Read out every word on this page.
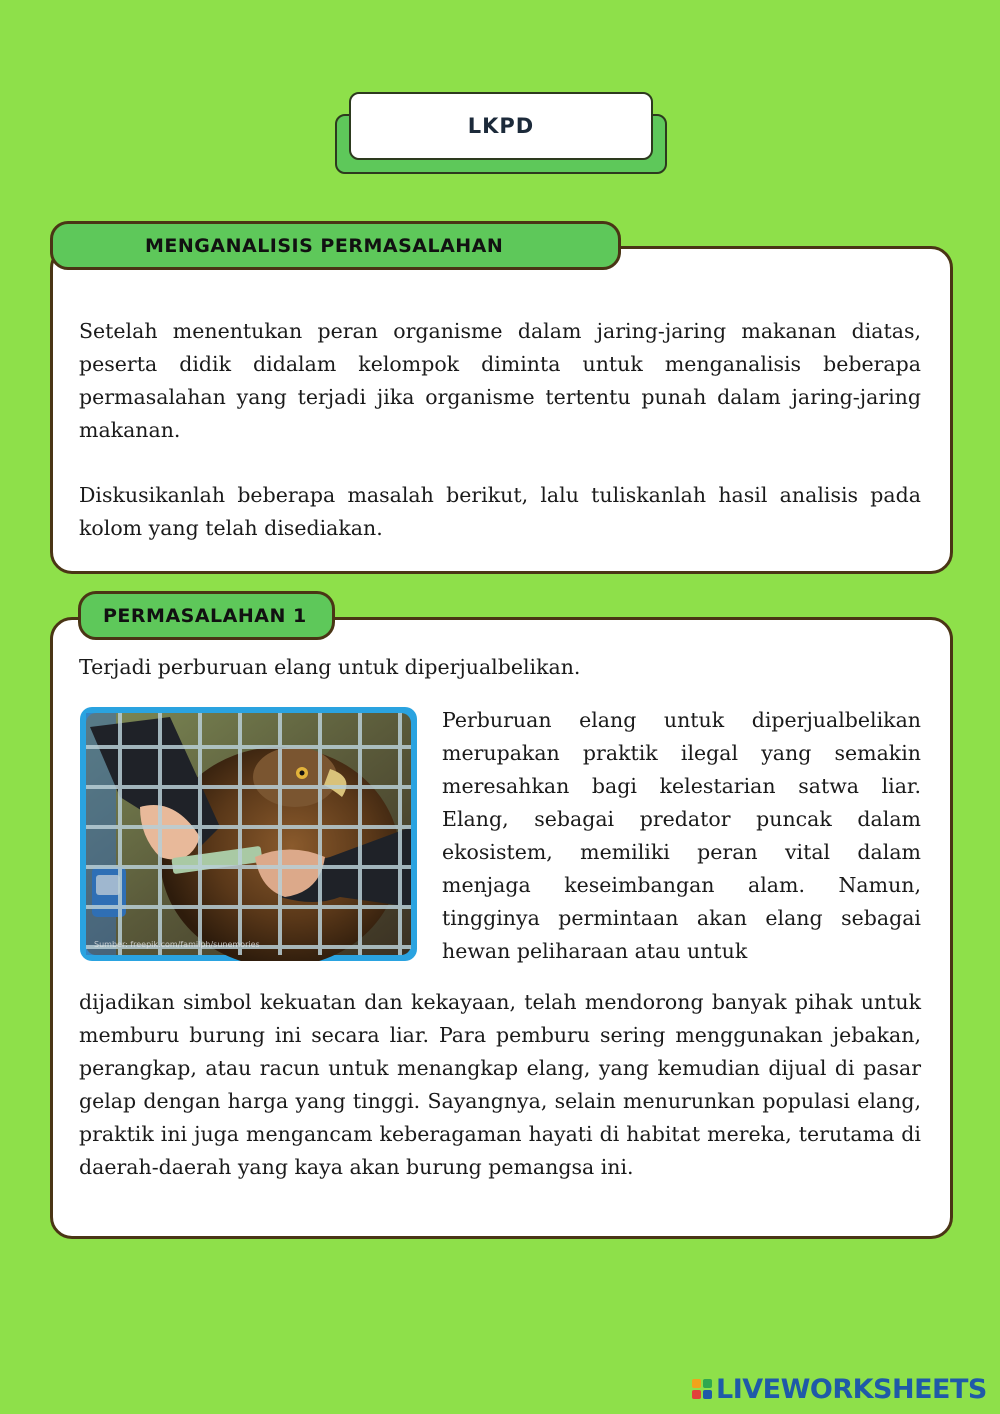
LKPD
MENGANALISIS PERMASALAHAN

Setelah menentukan peran organisme dalam jaring-jaring makanan diatas, peserta didik didalam kelompok diminta untuk menganalisis beberapa permasalahan yang terjadi jika organisme tertentu punah dalam jaring-jaring makanan.

Diskusikanlah beberapa masalah berikut, lalu tuliskanlah hasil analisis pada kolom yang telah disediakan.

PERMASALAHAN 1

Terjadi perburuan elang untuk diperjualbelikan.

Sumber: freepik.com/familph/sunemories

Perburuan elang untuk diperjualbelikan merupakan praktik ilegal yang semakin meresahkan bagi kelestarian satwa liar. Elang, sebagai predator puncak dalam ekosistem, memiliki peran vital dalam menjaga keseimbangan alam. Namun, tingginya permintaan akan elang sebagai hewan peliharaan atau untuk

dijadikan simbol kekuatan dan kekayaan, telah mendorong banyak pihak untuk memburu burung ini secara liar. Para pemburu sering menggunakan jebakan, perangkap, atau racun untuk menangkap elang, yang kemudian dijual di pasar gelap dengan harga yang tinggi. Sayangnya, selain menurunkan populasi elang, praktik ini juga mengancam keberagaman hayati di habitat mereka, terutama di daerah-daerah yang kaya akan burung pemangsa ini.

LIVEWORKSHEETS
